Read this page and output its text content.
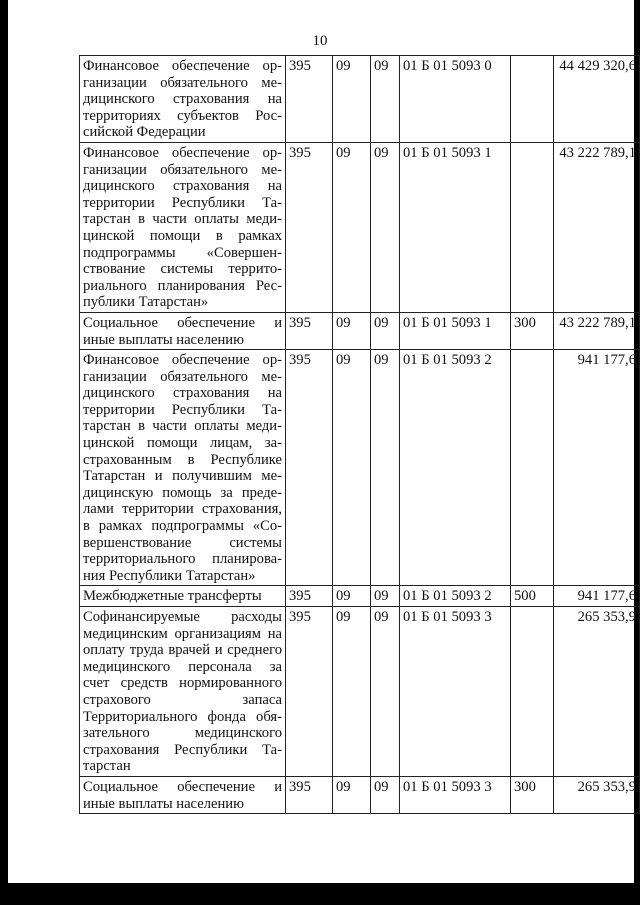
10
Финансовое обеспечение организации обязательного медицинского страхования на территориях субъектов Российской Федерации	395	09	09	01 Б 01 5093 0		44 429 320,6
Финансовое обеспечение организации обязательного медицинского страхования на территории Республики Татарстан в части оплаты медицинской помощи в рамках подпрограммы «Совершенствование системы территориального планирования Республики Татарстан»	395	09	09	01 Б 01 5093 1		43 222 789,1
Социальное обеспечение и иные выплаты населению	395	09	09	01 Б 01 5093 1	300	43 222 789,1
Финансовое обеспечение организации обязательного медицинского страхования на территории Республики Татарстан в части оплаты медицинской помощи лицам, застрахованным в Республике Татарстан и получившим медицинскую помощь за пределами территории страхования, в рамках подпрограммы «Совершенствование системы территориального планирования Республики Татарстан»	395	09	09	01 Б 01 5093 2		941 177,6
Межбюджетные трансферты	395	09	09	01 Б 01 5093 2	500	941 177,6
Софинансируемые расходы медицинским организациям на оплату труда врачей и среднего медицинского персонала за счет средств нормированного страхового запаса Территориального фонда обязательного медицинского страхования Республики Татарстан	395	09	09	01 Б 01 5093 3		265 353,9
Социальное обеспечение и иные выплаты населению	395	09	09	01 Б 01 5093 3	300	265 353,9
